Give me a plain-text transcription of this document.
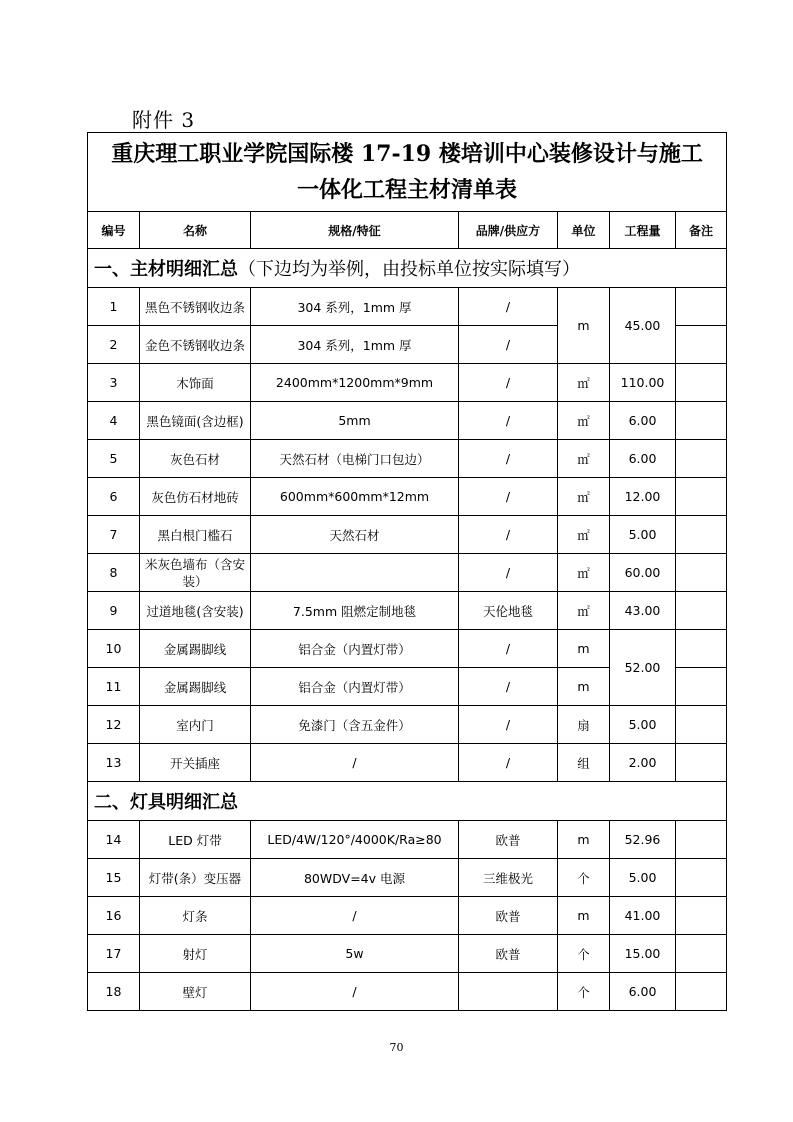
附件 3
重庆理工职业学院国际楼 17-19 楼培训中心装修设计与施工
一体化工程主材清单表						

编号	名称	规格/特征	品牌/供应方	单位	工程量	备注
一、主材明细汇总（下边均为举例，由投标单位按实际填写）						
1	黑色不锈钢收边条	304 系列，1mm 厚	/	m	45.00	
2	金色不锈钢收边条	304 系列，1mm 厚	/			
3	木饰面	2400mm*1200mm*9mm	/	㎡	110.00	
4	黑色镜面(含边框)	5mm	/	㎡	6.00	
5	灰色石材	天然石材（电梯门口包边）	/	㎡	6.00	
6	灰色仿石材地砖	600mm*600mm*12mm	/	㎡	12.00	
7	黑白根门槛石	天然石材	/	㎡	5.00	
8	米灰色墙布（含安装）		/	㎡	60.00	
9	过道地毯(含安装)	7.5mm 阻燃定制地毯	天伦地毯	㎡	43.00	
10	金属踢脚线	铝合金（内置灯带）	/	m	52.00	
11	金属踢脚线	铝合金（内置灯带）	/	m		
12	室内门	免漆门（含五金件）	/	扇	5.00	
13	开关插座	/	/	组	2.00	
二、灯具明细汇总						
14	LED 灯带	LED/4W/120°/4000K/Ra≥80	欧普	m	52.96	
15	灯带(条）变压器	80WDV=4v 电源	三维极光	个	5.00	
16	灯条	/	欧普	m	41.00	
17	射灯	5w	欧普	个	15.00	
18	壁灯	/		个	6.00	
70
